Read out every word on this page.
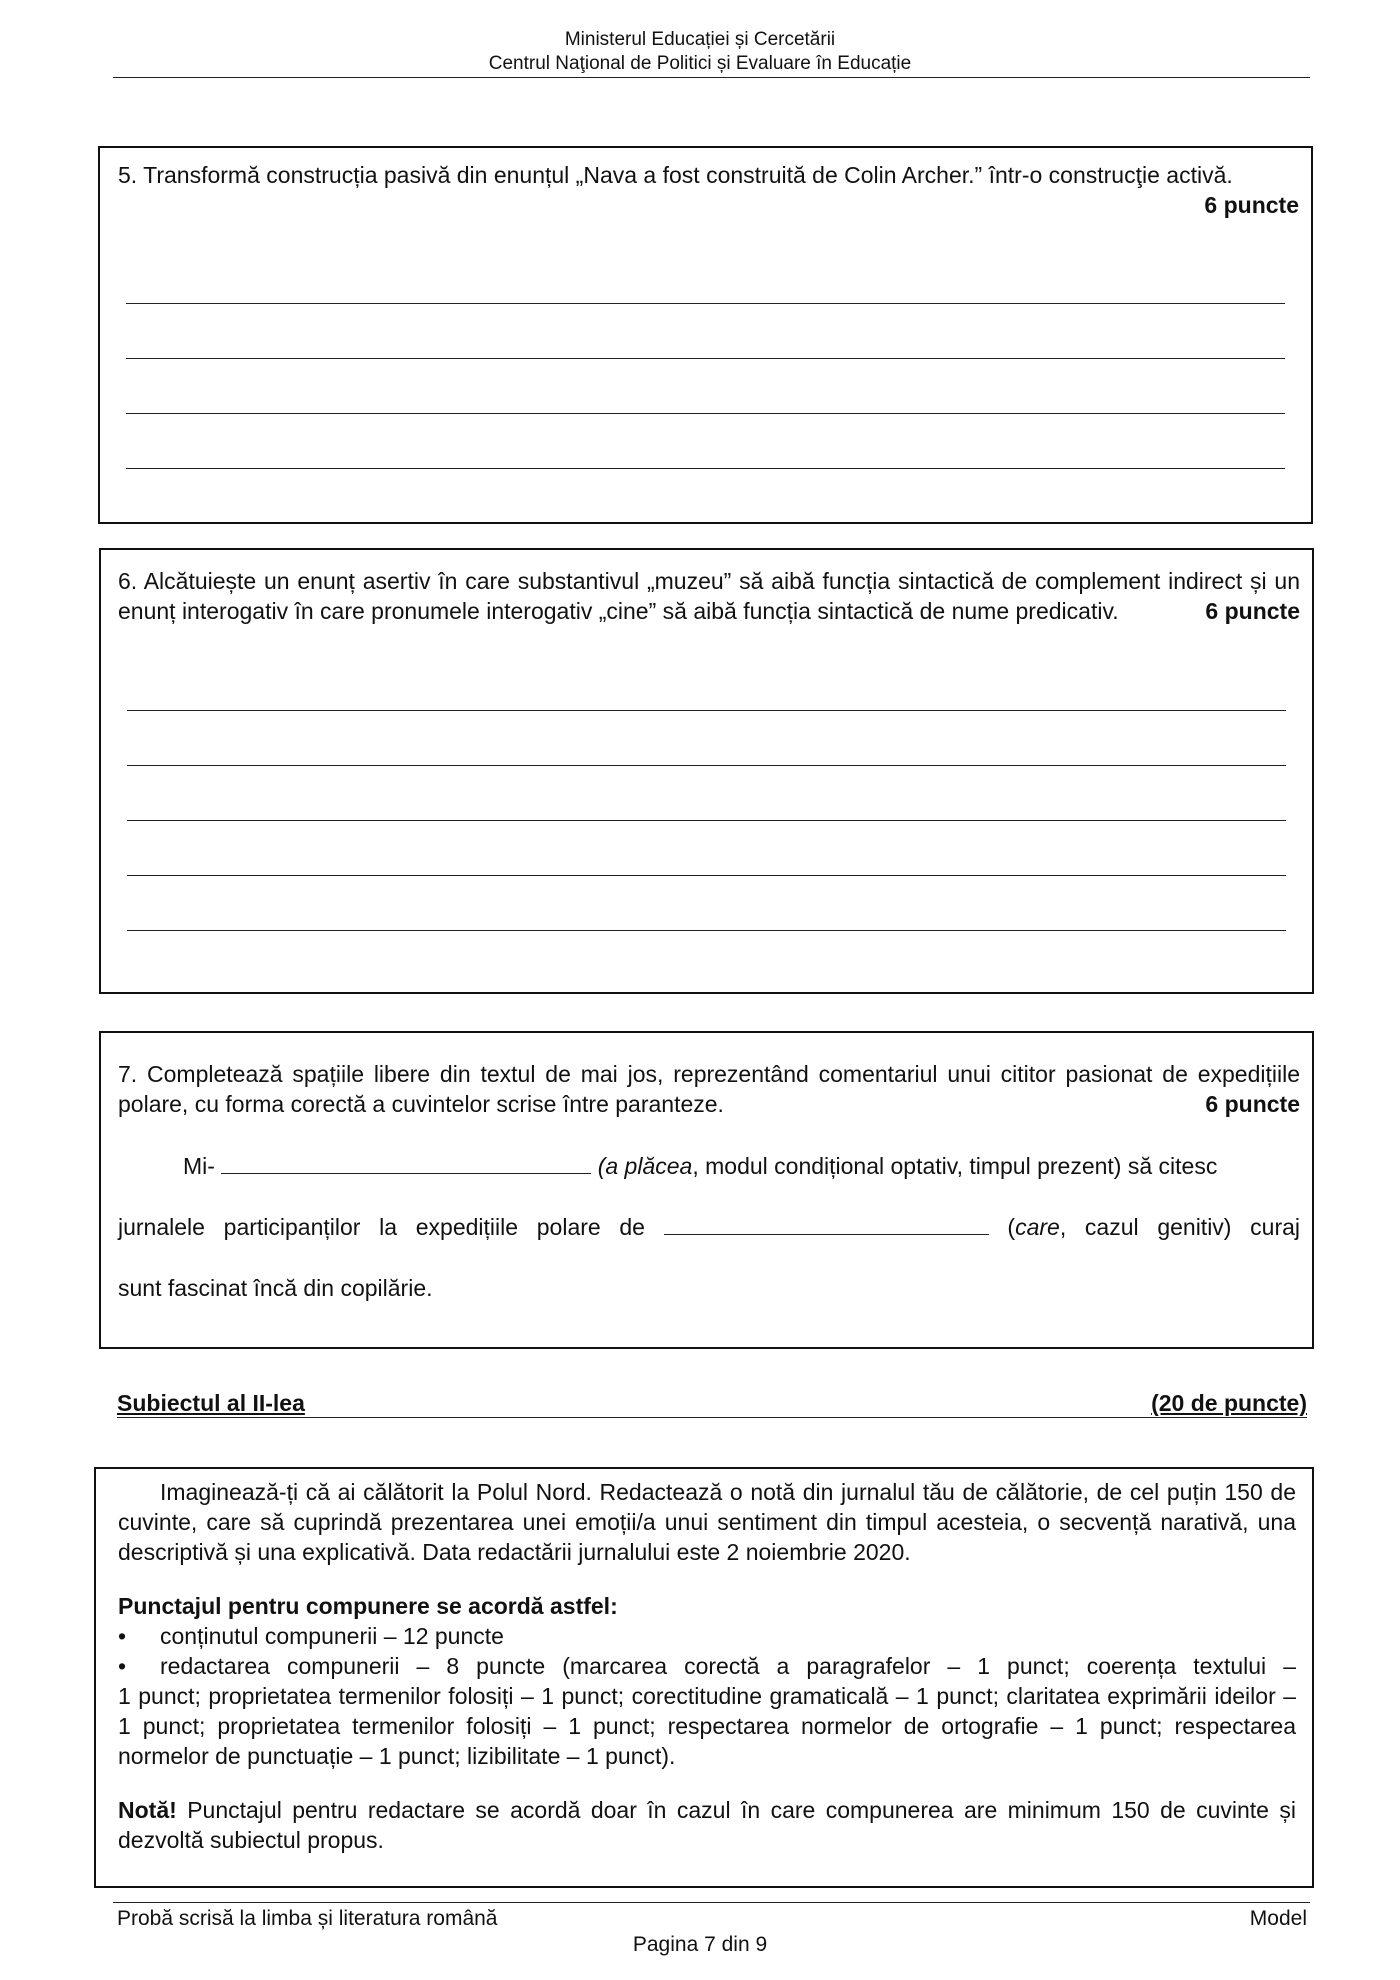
Ministerul Educației și Cercetării
Centrul Naţional de Politici și Evaluare în Educație
5. Transformă construcția pasivă din enunțul „Nava a fost construită de Colin Archer.” într-o construcţie activă.
6 puncte
6. Alcătuiește un enunț asertiv în care substantivul „muzeu” să aibă funcția sintactică de complement indirect și un enunț interogativ în care pronumele interogativ „cine” să aibă funcția sintactică de nume predicativ.	6 puncte
7. Completează spațiile libere din textul de mai jos, reprezentând comentariul unui cititor pasionat de expedițiile polare, cu forma corectă a cuvintelor scrise între paranteze.	6 puncte
Mi-	(a plăcea, modul condițional optativ, timpul prezent) să citesc
jurnalele participanților la expedițiile polare de	(care, cazul genitiv) curaj
sunt fascinat încă din copilărie.
Subiectul al II-lea	(20 de puncte)

Imaginează-ți că ai călătorit la Polul Nord. Redactează o notă din jurnalul tău de călătorie, de cel puțin 150 de cuvinte, care să cuprindă prezentarea unei emoții/a unui sentiment din timpul acesteia, o secvență narativă, una descriptivă și una explicativă. Data redactării jurnalului este 2 noiembrie 2020.

Punctajul pentru compunere se acordă astfel:

• conținutul compunerii – 12 puncte

• redactarea compunerii – 8 puncte (marcarea corectă a paragrafelor – 1 punct; coerența textului –

1 punct; proprietatea termenilor folosiți – 1 punct; corectitudine gramaticală – 1 punct; claritatea exprimării ideilor – 1 punct; proprietatea termenilor folosiți – 1 punct; respectarea normelor de ortografie – 1 punct; respectarea normelor de punctuație – 1 punct; lizibilitate – 1 punct).

Notă! Punctajul pentru redactare se acordă doar în cazul în care compunerea are minimum 150 de cuvinte și dezvoltă subiectul propus.

Probă scrisă la limba și literatura română	Model
Pagina 7 din 9
